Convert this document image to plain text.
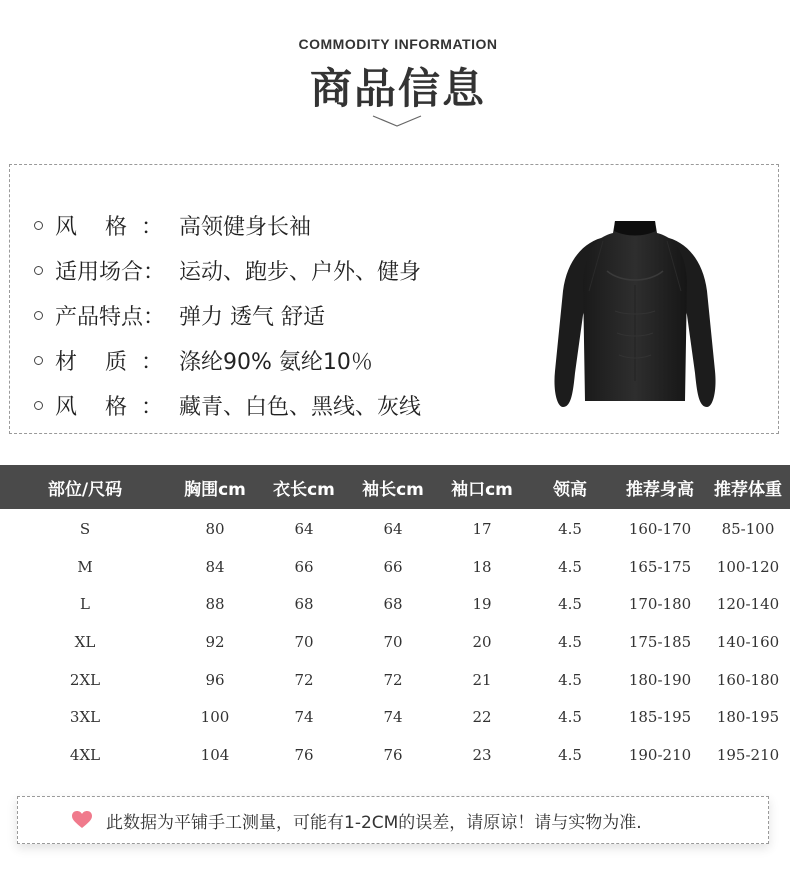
COMMODITY INFORMATION
商品信息
风    格  ： 高领健身长袖
适用场合： 运动、跑步、户外、健身
产品特点： 弹力 透气 舒适
材    质  ： 涤纶90% 氨纶10％
风    格  ： 藏青、白色、黑线、灰线
部位/尺码	胸围cm	衣长cm	袖长cm	袖口cm	领高	推荐身高	推荐体重
S	80	64	64	17	4.5	160-170	85-100
M	84	66	66	18	4.5	165-175	100-120
L	88	68	68	19	4.5	170-180	120-140
XL	92	70	70	20	4.5	175-185	140-160
2XL	96	72	72	21	4.5	180-190	160-180
3XL	100	74	74	22	4.5	185-195	180-195
4XL	104	76	76	23	4.5	190-210	195-210
此数据为平铺手工测量，可能有1-2CM的误差，请原谅！请与实物为准.
